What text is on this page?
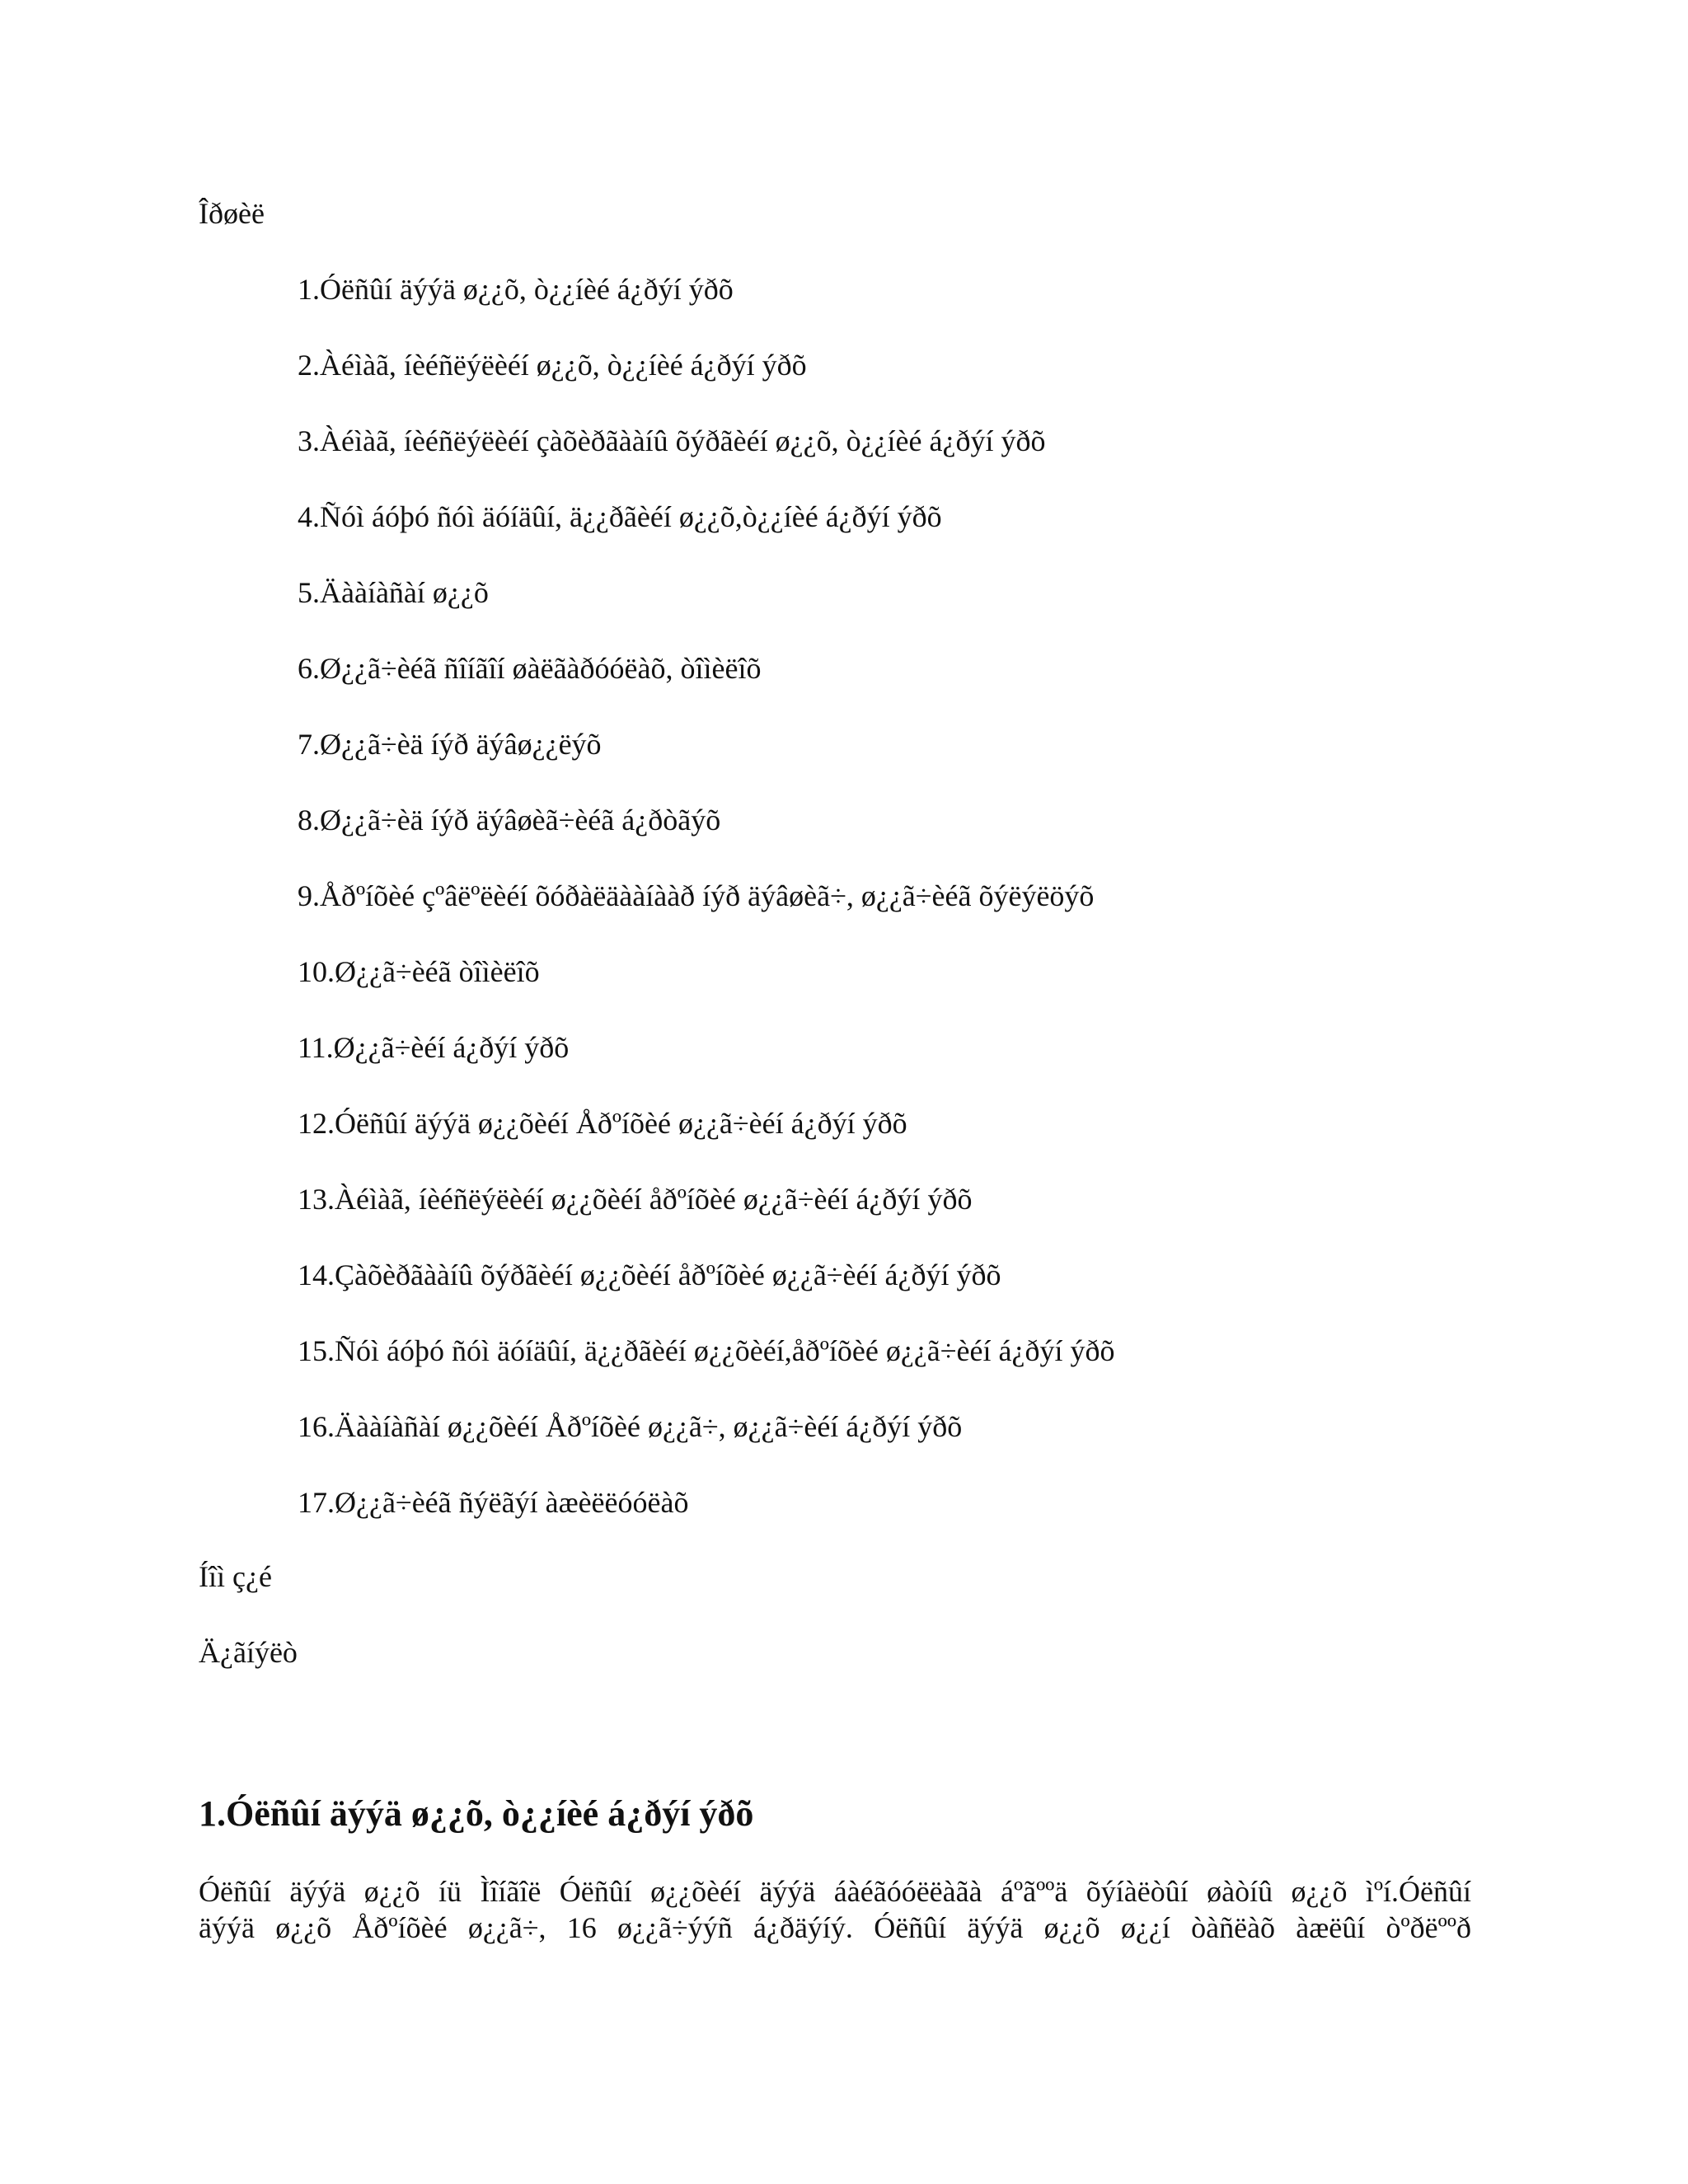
Îðøèë
1.Óëñûí äýýä ø¿¿õ, ò¿¿íèé á¿ðýí ýðõ
2.Àéìàã, íèéñëýëèéí ø¿¿õ, ò¿¿íèé á¿ðýí ýðõ
3.Àéìàã, íèéñëýëèéí çàõèðãààíû õýðãèéí ø¿¿õ, ò¿¿íèé á¿ðýí ýðõ
4.Ñóì áóþó ñóì äóíäûí, ä¿¿ðãèéí ø¿¿õ,ò¿¿íèé á¿ðýí ýðõ
5.Äààíàñàí ø¿¿õ
6.Ø¿¿ã÷èéã ñîíãîí øàëãàðóóëàõ, òîìèëîõ
7.Ø¿¿ã÷èä íýð äýâø¿¿ëýõ
8.Ø¿¿ã÷èä íýð äýâøèã÷èéã á¿ðòãýõ
9.Åðºíõèé çºâëºëèéí õóðàëäààíààð íýð äýâøèã÷, ø¿¿ã÷èéã õýëýëöýõ
10.Ø¿¿ã÷èéã òîìèëîõ
11.Ø¿¿ã÷èéí á¿ðýí ýðõ
12.Óëñûí äýýä ø¿¿õèéí Åðºíõèé ø¿¿ã÷èéí á¿ðýí ýðõ
13.Àéìàã, íèéñëýëèéí ø¿¿õèéí åðºíõèé ø¿¿ã÷èéí á¿ðýí ýðõ
14.Çàõèðãààíû õýðãèéí ø¿¿õèéí åðºíõèé ø¿¿ã÷èéí á¿ðýí ýðõ
15.Ñóì áóþó ñóì äóíäûí, ä¿¿ðãèéí ø¿¿õèéí,åðºíõèé ø¿¿ã÷èéí á¿ðýí ýðõ
16.Äààíàñàí ø¿¿õèéí Åðºíõèé ø¿¿ã÷, ø¿¿ã÷èéí á¿ðýí ýðõ
17.Ø¿¿ã÷èéã ñýëãýí àæèëëóóëàõ
Íîì ç¿é
Ä¿ãíýëò
1.Óëñûí äýýä ø¿¿õ, ò¿¿íèé á¿ðýí ýðõ
Óëñûí äýýä ø¿¿õ íü Ìîíãîë Óëñûí ø¿¿õèéí äýýä áàéãóóëëàãà áºãººä õýíàëòûí øàòíû ø¿¿õ ìºí.Óëñûí
äýýä ø¿¿õ Åðºíõèé ø¿¿ã÷, 16 ø¿¿ã÷ýýñ á¿ðäýíý. Óëñûí äýýä ø¿¿õ ø¿¿í òàñëàõ àæëûí òºðëººð
